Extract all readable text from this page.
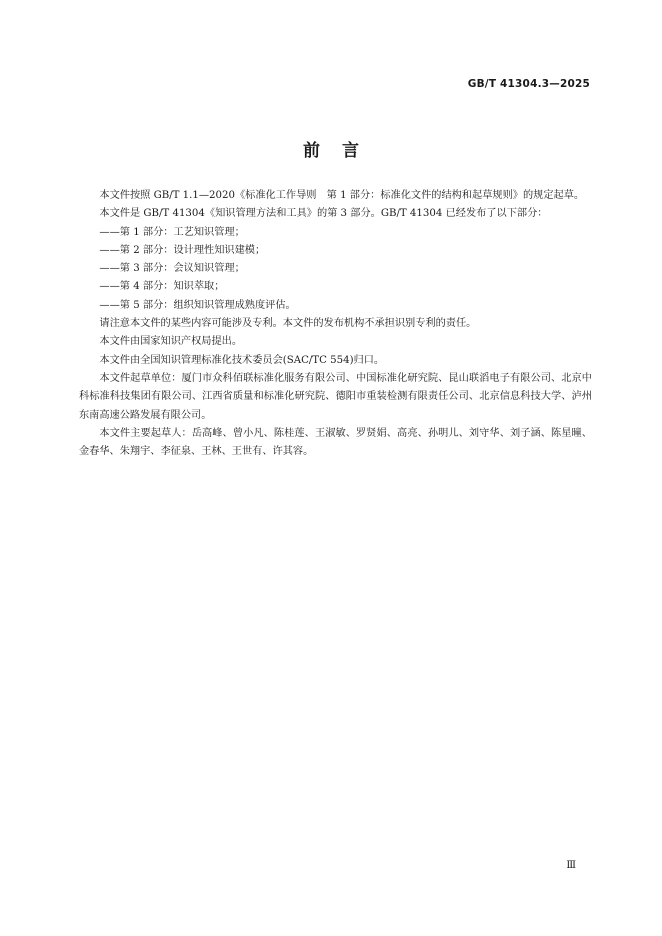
GB/T 41304.3—2025
前言

本文件按照 GB/T 1.1—2020《标准化工作导则　第 1 部分：标准化文件的结构和起草规则》的规定起草。

本文件是 GB/T 41304《知识管理方法和工具》的第 3 部分。GB/T 41304 已经发布了以下部分：

——第 1 部分：工艺知识管理；

——第 2 部分：设计理性知识建模；

——第 3 部分：会议知识管理；

——第 4 部分：知识萃取；

——第 5 部分：组织知识管理成熟度评估。

请注意本文件的某些内容可能涉及专利。本文件的发布机构不承担识别专利的责任。

本文件由国家知识产权局提出。

本文件由全国知识管理标准化技术委员会(SAC/TC 554)归口。

本文件起草单位：厦门市众科佰联标准化服务有限公司、中国标准化研究院、昆山联滔电子有限公司、北京中科标准科技集团有限公司、江西省质量和标准化研究院、德阳市重装检测有限责任公司、北京信息科技大学、泸州东南高速公路发展有限公司。

本文件主要起草人：岳高峰、曾小凡、陈桂莲、王淑敏、罗贤娟、高亮、孙明儿、刘守华、刘子涵、陈星曈、金春华、朱翔宇、李征泉、王林、王世有、许其容。

Ⅲ
